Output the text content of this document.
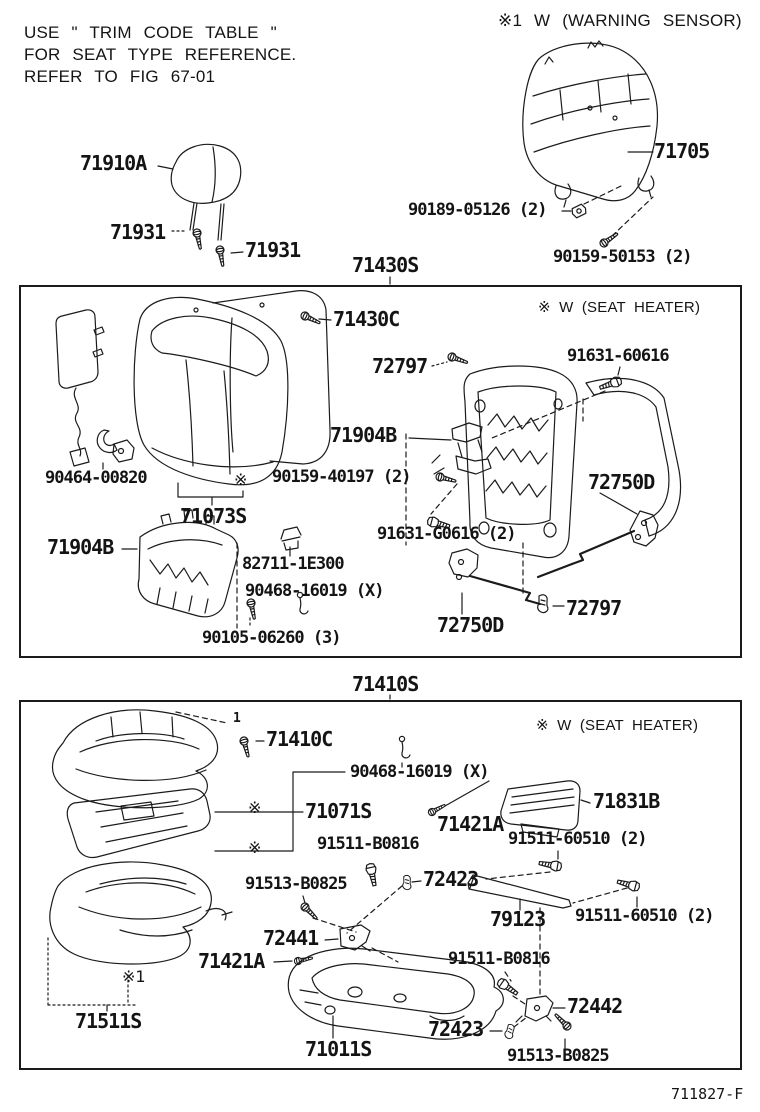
USE " TRIM CODE TABLE "
FOR SEAT TYPE REFERENCE.
REFER TO FIG 67-01
※1 W (WARNING SENSOR)
71910A
71931
71931
71705
90189-05126 (2)
90159-50153 (2)
71430S
※ W (SEAT HEATER)
71430C
72797	91631-60616
71904B
90159-40197 (2)
91631-G0616 (2)
72750D
90464-00820	※
71073S
71904B
82711-1E300
90468-16019 (X)
90105-06260 (3)
72750D
72797
71410S
※ W (SEAT HEATER)
71410C
1
90468-16019 (X)
71071S
※
※	91511-B0816
71421A
71831B
91511-60510 (2)
91513-B0825	72423
79123 91511-60510 (2)
91511-B0816
72441
71421A
※1
71511S
71011S
72423
72442
91513-B0825
711827-F
